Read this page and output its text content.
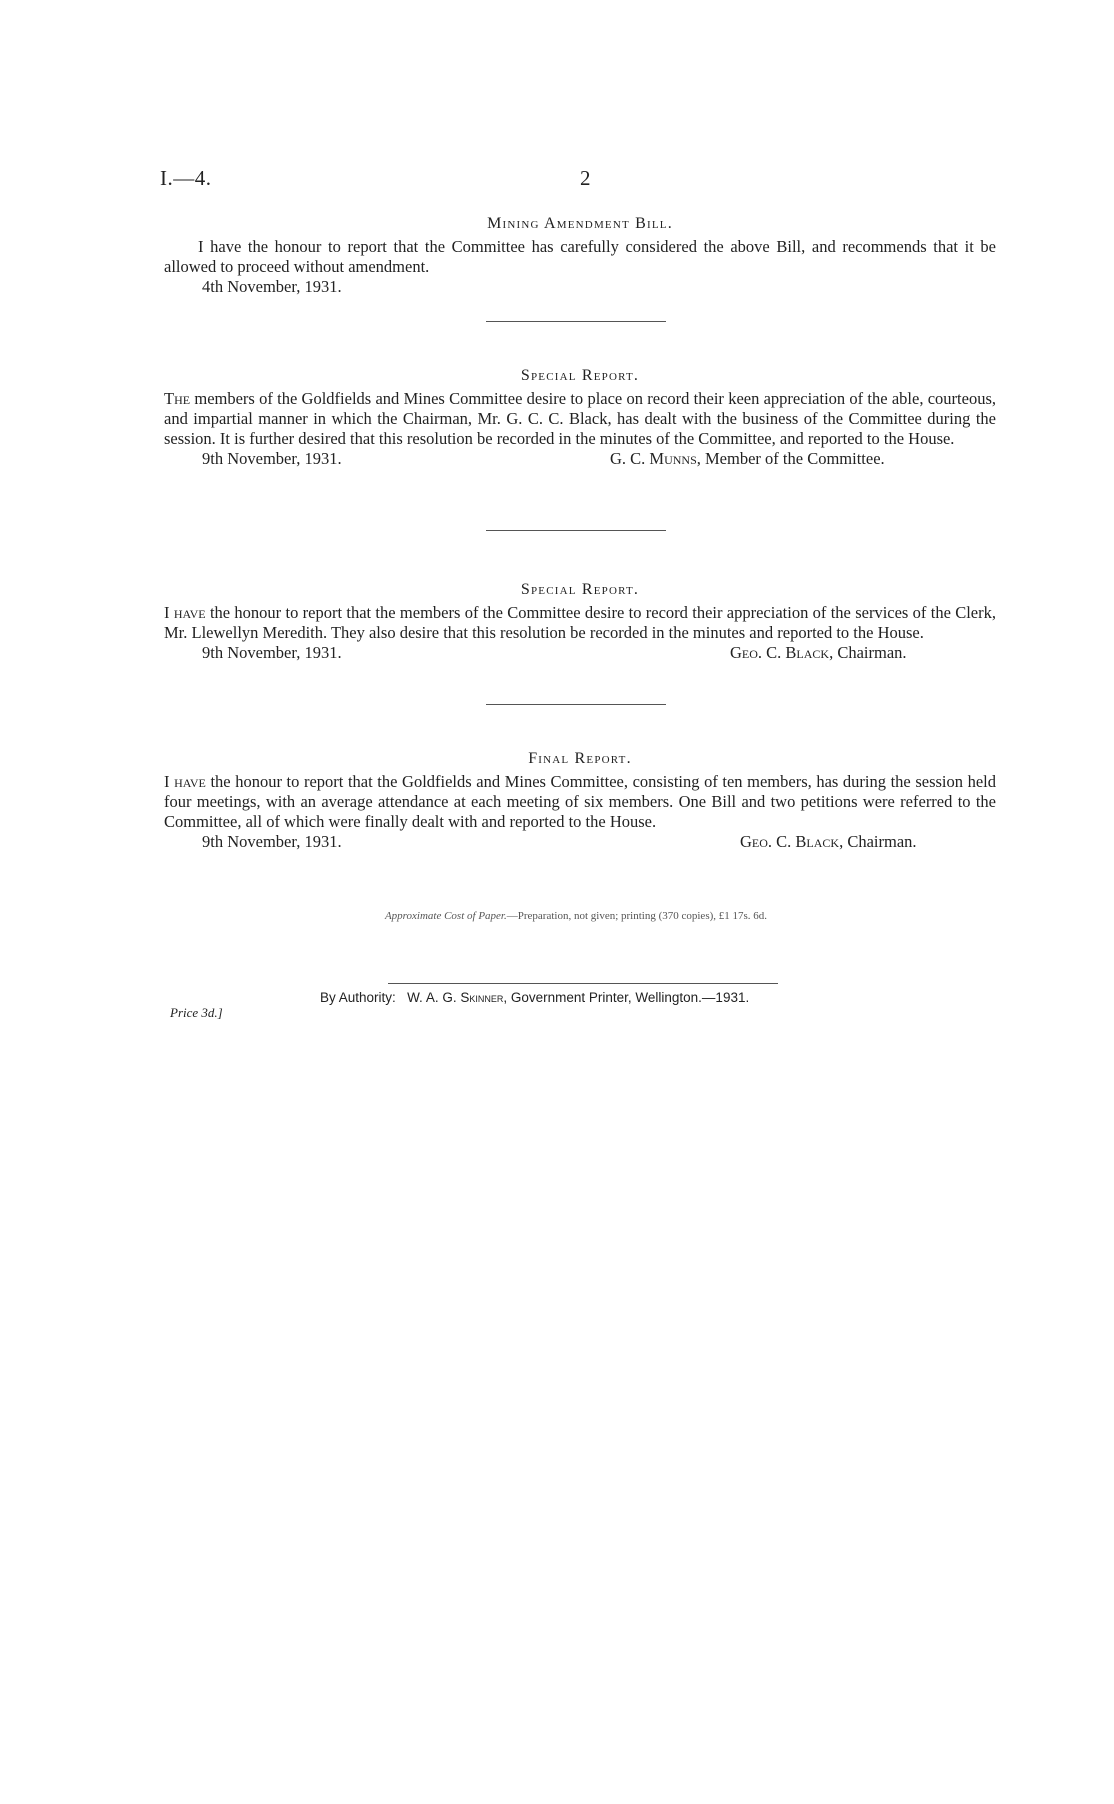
I.—4.	2
Mining Amendment Bill.
I have the honour to report that the Committee has carefully considered the above Bill, and recommends that it be allowed to proceed without amendment.
4th November, 1931.
Special Report.
The members of the Goldfields and Mines Committee desire to place on record their keen appreciation of the able, courteous, and impartial manner in which the Chairman, Mr. G. C. C. Black, has dealt with the business of the Committee during the session. It is further desired that this resolution be recorded in the minutes of the Committee, and reported to the House.
9th November, 1931.	G. C. Munns, Member of the Committee.
Special Report.
I have the honour to report that the members of the Committee desire to record their appreciation of the services of the Clerk, Mr. Llewellyn Meredith. They also desire that this resolution be recorded in the minutes and reported to the House.
9th November, 1931.	Geo. C. Black, Chairman.
Final Report.
I have the honour to report that the Goldfields and Mines Committee, consisting of ten members, has during the session held four meetings, with an average attendance at each meeting of six members. One Bill and two petitions were referred to the Committee, all of which were finally dealt with and reported to the House.
9th November, 1931.	Geo. C. Black, Chairman.
Approximate Cost of Paper.—Preparation, not given; printing (370 copies), £1 17s. 6d.
Price 3d.]
By Authority: W. A. G. Skinner, Government Printer, Wellington.—1931.
